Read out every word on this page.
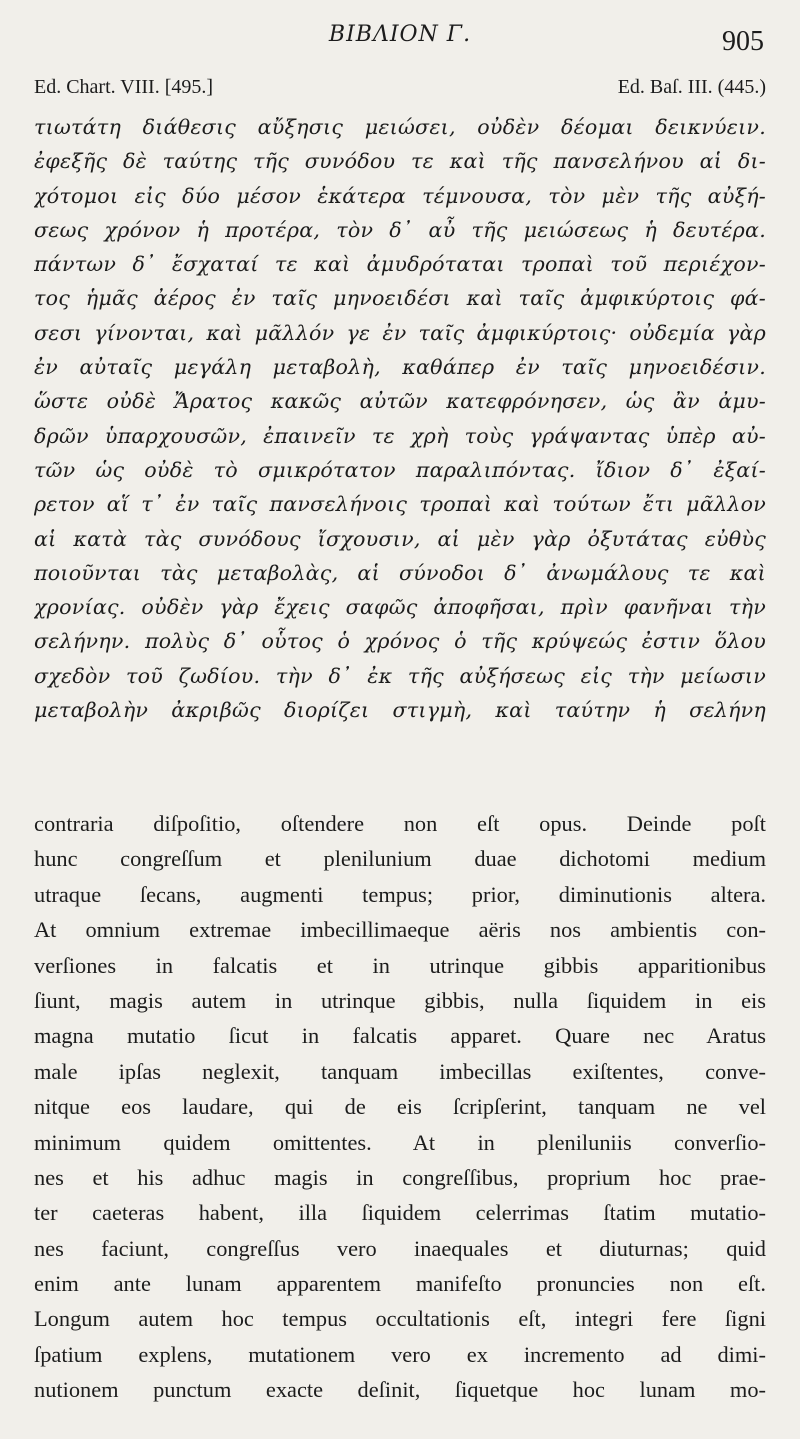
ΒΙΒΛΙΟΝ Γ.	905
Ed. Chart. VIII. [495.]	Ed. Baſ. III. (445.)
τιωτάτη διάθεσις αὔξησις μειώσει, οὐδὲν δέομαι δεικνύειν.
ἐφεξῆς δὲ ταύτης τῆς συνόδου τε καὶ τῆς πανσελήνου αἱ δι-
χότομοι εἰς δύο μέσον ἑκάτερα τέμνουσα, τὸν μὲν τῆς αὐξή-
σεως χρόνον ἡ προτέρα, τὸν δ᾽ αὖ τῆς μειώσεως ἡ δευτέρα.
πάντων δ᾽ ἔσχαταί τε καὶ ἀμυδρόταται τροπαὶ τοῦ περιέχον-
τος ἡμᾶς ἀέρος ἐν ταῖς μηνοειδέσι καὶ ταῖς ἀμφικύρτοις φά-
σεσι γίνονται, καὶ μᾶλλόν γε ἐν ταῖς ἀμφικύρτοις· οὐδεμία γὰρ
ἐν αὐταῖς μεγάλη μεταβολὴ, καθάπερ ἐν ταῖς μηνοειδέσιν.
ὥστε οὐδὲ Ἄρατος κακῶς αὐτῶν κατεφρόνησεν, ὡς ἂν ἀμυ-
δρῶν ὑπαρχουσῶν, ἐπαινεῖν τε χρὴ τοὺς γράψαντας ὑπὲρ αὐ-
τῶν ὡς οὐδὲ τὸ σμικρότατον παραλιπόντας. ἴδιον δ᾽ ἐξαί-
ρετον αἵ τ᾽ ἐν ταῖς πανσελήνοις τροπαὶ καὶ τούτων ἔτι μᾶλλον
αἱ κατὰ τὰς συνόδους ἴσχουσιν, αἱ μὲν γὰρ ὀξυτάτας εὐθὺς
ποιοῦνται τὰς μεταβολὰς, αἱ σύνοδοι δ᾽ ἀνωμάλους τε καὶ
χρονίας. οὐδὲν γὰρ ἔχεις σαφῶς ἀποφῆσαι, πρὶν φανῆναι τὴν
σελήνην. πολὺς δ᾽ οὗτος ὁ χρόνος ὁ τῆς κρύψεώς ἐστιν ὅλου
σχεδὸν τοῦ ζωδίου. τὴν δ᾽ ἐκ τῆς αὐξήσεως εἰς τὴν μείωσιν
μεταβολὴν ἀκριβῶς διορίζει στιγμὴ, καὶ ταύτην ἡ σελήνη
contraria diſpoſitio, oſtendere non eſt opus. Deinde poſt
hunc congreſſum et plenilunium duae dichotomi medium
utraque ſecans, augmenti tempus; prior, diminutionis altera.
At omnium extremae imbecillimaeque aëris nos ambientis con-
verſiones in falcatis et in utrinque gibbis apparitionibus
ſiunt, magis autem in utrinque gibbis, nulla ſiquidem in eis
magna mutatio ſicut in falcatis apparet. Quare nec Aratus
male ipſas neglexit, tanquam imbecillas exiſtentes, conve-
nitque eos laudare, qui de eis ſcripſerint, tanquam ne vel
minimum quidem omittentes. At in pleniluniis converſio-
nes et his adhuc magis in congreſſibus, proprium hoc prae-
ter caeteras habent, illa ſiquidem celerrimas ſtatim mutatio-
nes faciunt, congreſſus vero inaequales et diuturnas; quid
enim ante lunam apparentem manifeſto pronuncies non eſt.
Longum autem hoc tempus occultationis eſt, integri fere ſigni
ſpatium explens, mutationem vero ex incremento ad dimi-
nutionem punctum exacte deſinit, ſiquetque hoc lunam mo-
